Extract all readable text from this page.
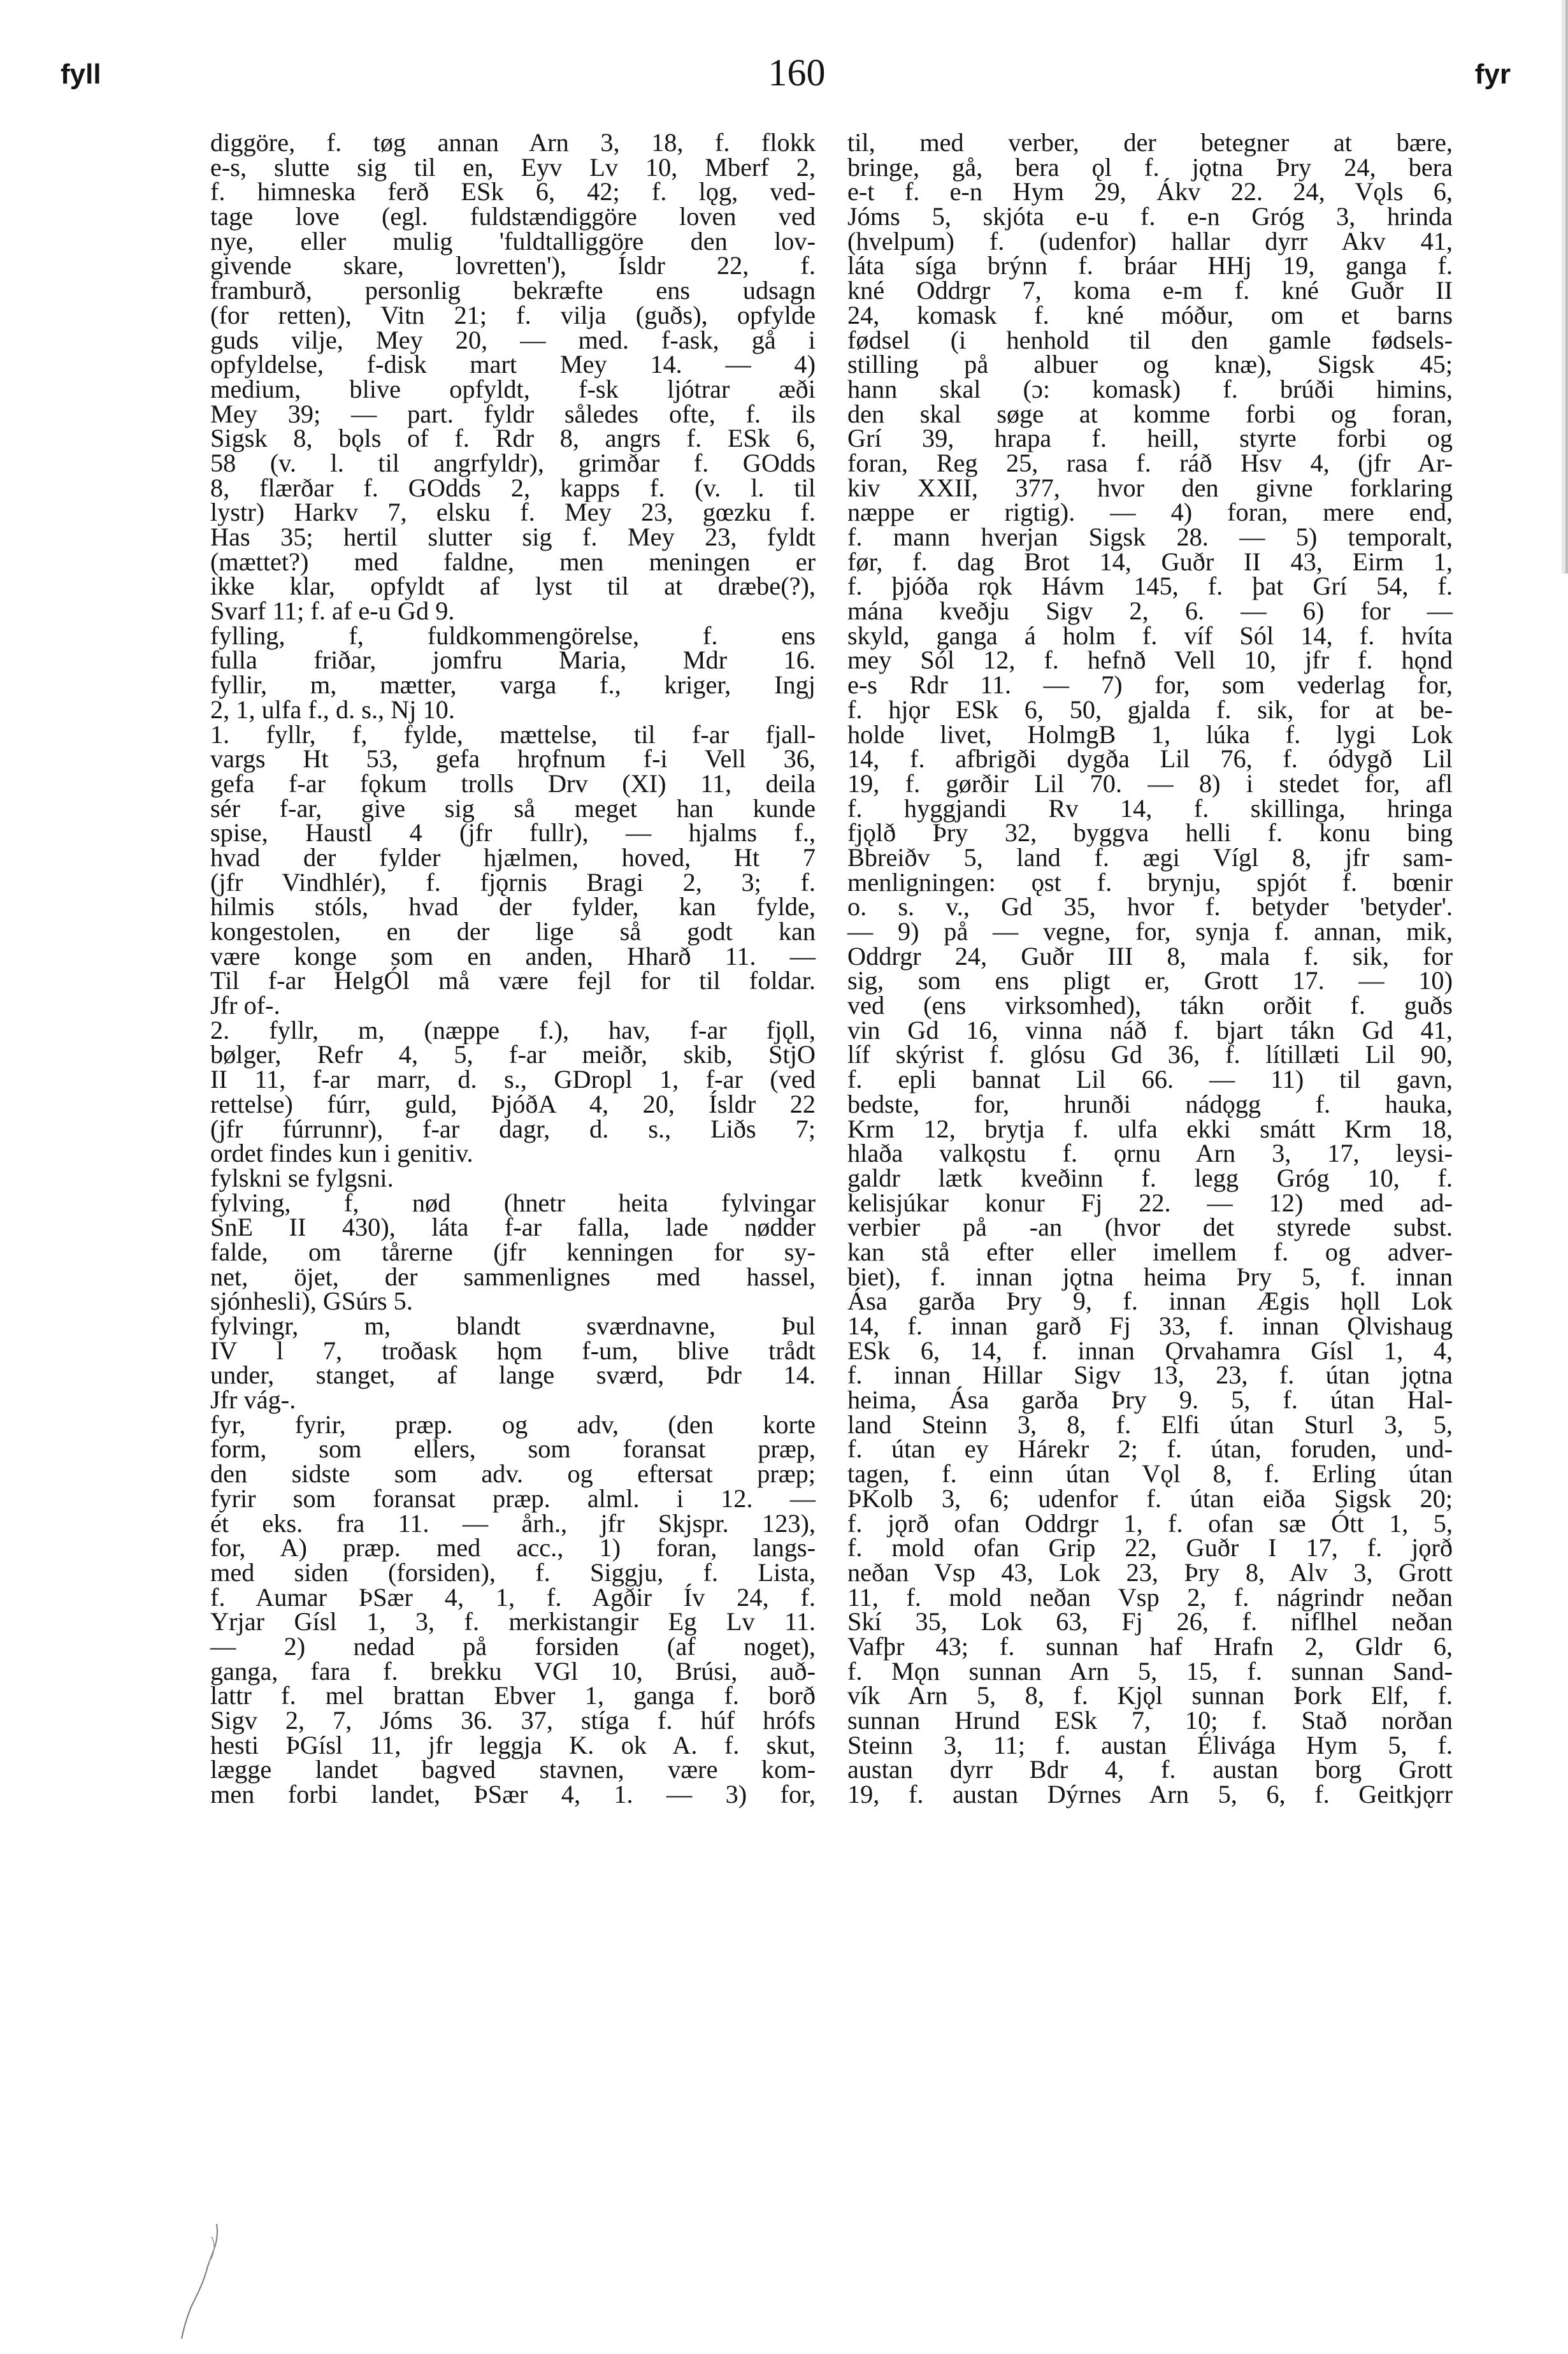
fyll	160	fyr
diggöre, f. tøg annan Arn 3, 18, f. flokk
e-s, slutte sig til en, Eyv Lv 10, Mberf 2,
f. himneska ferð ESk 6, 42; f. lǫg, ved-
tage love (egl. fuldstændiggöre loven ved
nye, eller mulig 'fuldtalliggöre den lov-
givende skare, lovretten'), Ísldr 22, f.
framburð, personlig bekræfte ens udsagn
(for retten), Vitn 21; f. vilja (guðs), opfylde
guds vilje, Mey 20, — med. f-ask, gå i
opfyldelse, f-disk mart Mey 14. — 4)
medium, blive opfyldt, f-sk ljótrar æði
Mey 39; — part. fyldr således ofte, f. ils
Sigsk 8, bǫls of f. Rdr 8, angrs f. ESk 6,
58 (v. l. til angrfyldr), grimðar f. GOdds
8, flærðar f. GOdds 2, kapps f. (v. l. til
lystr) Harkv 7, elsku f. Mey 23, gœzku f.
Has 35; hertil slutter sig f. Mey 23, fyldt
(mættet?) med faldne, men meningen er
ikke klar, opfyldt af lyst til at dræbe(?),
Svarf 11; f. af e-u Gd 9.
fylling, f, fuldkommengörelse, f. ens
fulla friðar, jomfru Maria, Mdr 16.
fyllir, m, mætter, varga f., kriger, Ingj
2, 1, ulfa f., d. s., Nj 10.
1. fyllr, f, fylde, mættelse, til f-ar fjall-
vargs Ht 53, gefa hrǫfnum f-i Vell 36,
gefa f-ar fǫkum trolls Drv (XI) 11, deila
sér f-ar, give sig så meget han kunde
spise, Haustl 4 (jfr fullr), — hjalms f.,
hvad der fylder hjælmen, hoved, Ht 7
(jfr Vindhlér), f. fjǫrnis Bragi 2, 3; f.
hilmis stóls, hvad der fylder, kan fylde,
kongestolen, en der lige så godt kan
være konge som en anden, Hharð 11. —
Til f-ar HelgÓl må være fejl for til foldar.
Jfr of-.
2. fyllr, m, (næppe f.), hav, f-ar fjǫll,
bølger, Refr 4, 5, f-ar meiðr, skib, StjO
II 11, f-ar marr, d. s., GDropl 1, f-ar (ved
rettelse) fúrr, guld, ÞjóðA 4, 20, Ísldr 22
(jfr fúrrunnr), f-ar dagr, d. s., Liðs 7;
ordet findes kun i genitiv.
fylskni se fylgsni.
fylving, f, nød (hnetr heita fylvingar
SnE II 430), láta f-ar falla, lade nødder
falde, om tårerne (jfr kenningen for sy-
net, öjet, der sammenlignes med hassel,
sjónhesli), GSúrs 5.
fylvingr, m, blandt sværdnavne, Þul
IV l 7, troðask hǫm f-um, blive trådt
under, stanget, af lange sværd, Þdr 14.
Jfr vág-.
fyr, fyrir, præp. og adv, (den korte
form, som ellers, som foransat præp,
den sidste som adv. og eftersat præp;
fyrir som foransat præp. alml. i 12. —
ét eks. fra 11. — årh., jfr Skjspr. 123),
for, A) præp. med acc., 1) foran, langs-
med siden (forsiden), f. Siggju, f. Lista,
f. Aumar ÞSær 4, 1, f. Agðir Ív 24, f.
Yrjar Gísl 1, 3, f. merkistangir Eg Lv 11.
— 2) nedad på forsiden (af noget),
ganga, fara f. brekku VGl 10, Brúsi, auð-
lattr f. mel brattan Ebver 1, ganga f. borð
Sigv 2, 7, Jóms 36. 37, stíga f. húf hrófs
hesti ÞGísl 11, jfr leggja K. ok A. f. skut,
lægge landet bagved stavnen, være kom-
men forbi landet, ÞSær 4, 1. — 3) for,
til, med verber, der betegner at bære,
bringe, gå, bera ǫl f. jǫtna Þry 24, bera
e-t f. e-n Hym 29, Ákv 22. 24, Vǫls 6,
Jóms 5, skjóta e-u f. e-n Gróg 3, hrinda
(hvelpum) f. (udenfor) hallar dyrr Akv 41,
láta síga brýnn f. bráar HHj 19, ganga f.
kné Oddrgr 7, koma e-m f. kné Guðr II
24, komask f. kné móður, om et barns
fødsel (i henhold til den gamle fødsels-
stilling på albuer og knæ), Sigsk 45;
hann skal (ɔ: komask) f. brúði himins,
den skal søge at komme forbi og foran,
Grí 39, hrapa f. heill, styrte forbi og
foran, Reg 25, rasa f. ráð Hsv 4, (jfr Ar-
kiv XXII, 377, hvor den givne forklaring
næppe er rigtig). — 4) foran, mere end,
f. mann hverjan Sigsk 28. — 5) temporalt,
før, f. dag Brot 14, Guðr II 43, Eirm 1,
f. þjóða rǫk Hávm 145, f. þat Grí 54, f.
mána kveðju Sigv 2, 6. — 6) for —
skyld, ganga á holm f. víf Sól 14, f. hvíta
mey Sól 12, f. hefnð Vell 10, jfr f. hǫnd
e-s Rdr 11. — 7) for, som vederlag for,
f. hjǫr ESk 6, 50, gjalda f. sik, for at be-
holde livet, HolmgB 1, lúka f. lygi Lok
14, f. afbrigði dygða Lil 76, f. ódygð Lil
19, f. gørðir Lil 70. — 8) i stedet for, afl
f. hyggjandi Rv 14, f. skillinga, hringa
fjǫlð Þry 32, byggva helli f. konu bing
Bbreiðv 5, land f. ægi Vígl 8, jfr sam-
menligningen: ǫst f. brynju, spjót f. bœnir
o. s. v., Gd 35, hvor f. betyder 'betyder'.
— 9) på — vegne, for, synja f. annan, mik,
Oddrgr 24, Guðr III 8, mala f. sik, for
sig, som ens pligt er, Grott 17. — 10)
ved (ens virksomhed), tákn orðit f. guðs
vin Gd 16, vinna náð f. bjart tákn Gd 41,
líf skýrist f. glósu Gd 36, f. lítillæti Lil 90,
f. epli bannat Lil 66. — 11) til gavn,
bedste, for, hrunði nádǫgg f. hauka,
Krm 12, brytja f. ulfa ekki smátt Krm 18,
hlaða valkǫstu f. ǫrnu Arn 3, 17, leysi-
galdr lætk kveðinn f. legg Gróg 10, f.
kelisjúkar konur Fj 22. — 12) med ad-
verbier på -an (hvor det styrede subst.
kan stå efter eller imellem f. og adver-
biet), f. innan jǫtna heima Þry 5, f. innan
Ása garða Þry 9, f. innan Ægis hǫll Lok
14, f. innan garð Fj 33, f. innan Ǫlvishaug
ESk 6, 14, f. innan Ǫrvahamra Gísl 1, 4,
f. innan Hillar Sigv 13, 23, f. útan jǫtna
heima, Ása garða Þry 9. 5, f. útan Hal-
land Steinn 3, 8, f. Elfi útan Sturl 3, 5,
f. útan ey Hárekr 2; f. útan, foruden, und-
tagen, f. einn útan Vǫl 8, f. Erling útan
ÞKolb 3, 6; udenfor f. útan eiða Sigsk 20;
f. jǫrð ofan Oddrgr 1, f. ofan sæ Ótt 1, 5,
f. mold ofan Grip 22, Guðr I 17, f. jǫrð
neðan Vsp 43, Lok 23, Þry 8, Alv 3, Grott
11, f. mold neðan Vsp 2, f. nágrindr neðan
Skí 35, Lok 63, Fj 26, f. niflhel neðan
Vafþr 43; f. sunnan haf Hrafn 2, Gldr 6,
f. Mǫn sunnan Arn 5, 15, f. sunnan Sand-
vík Arn 5, 8, f. Kjǫl sunnan Þork Elf, f.
sunnan Hrund ESk 7, 10; f. Stað norðan
Steinn 3, 11; f. austan Élivága Hym 5, f.
austan dyrr Bdr 4, f. austan borg Grott
19, f. austan Dýrnes Arn 5, 6, f. Geitkjǫrr
